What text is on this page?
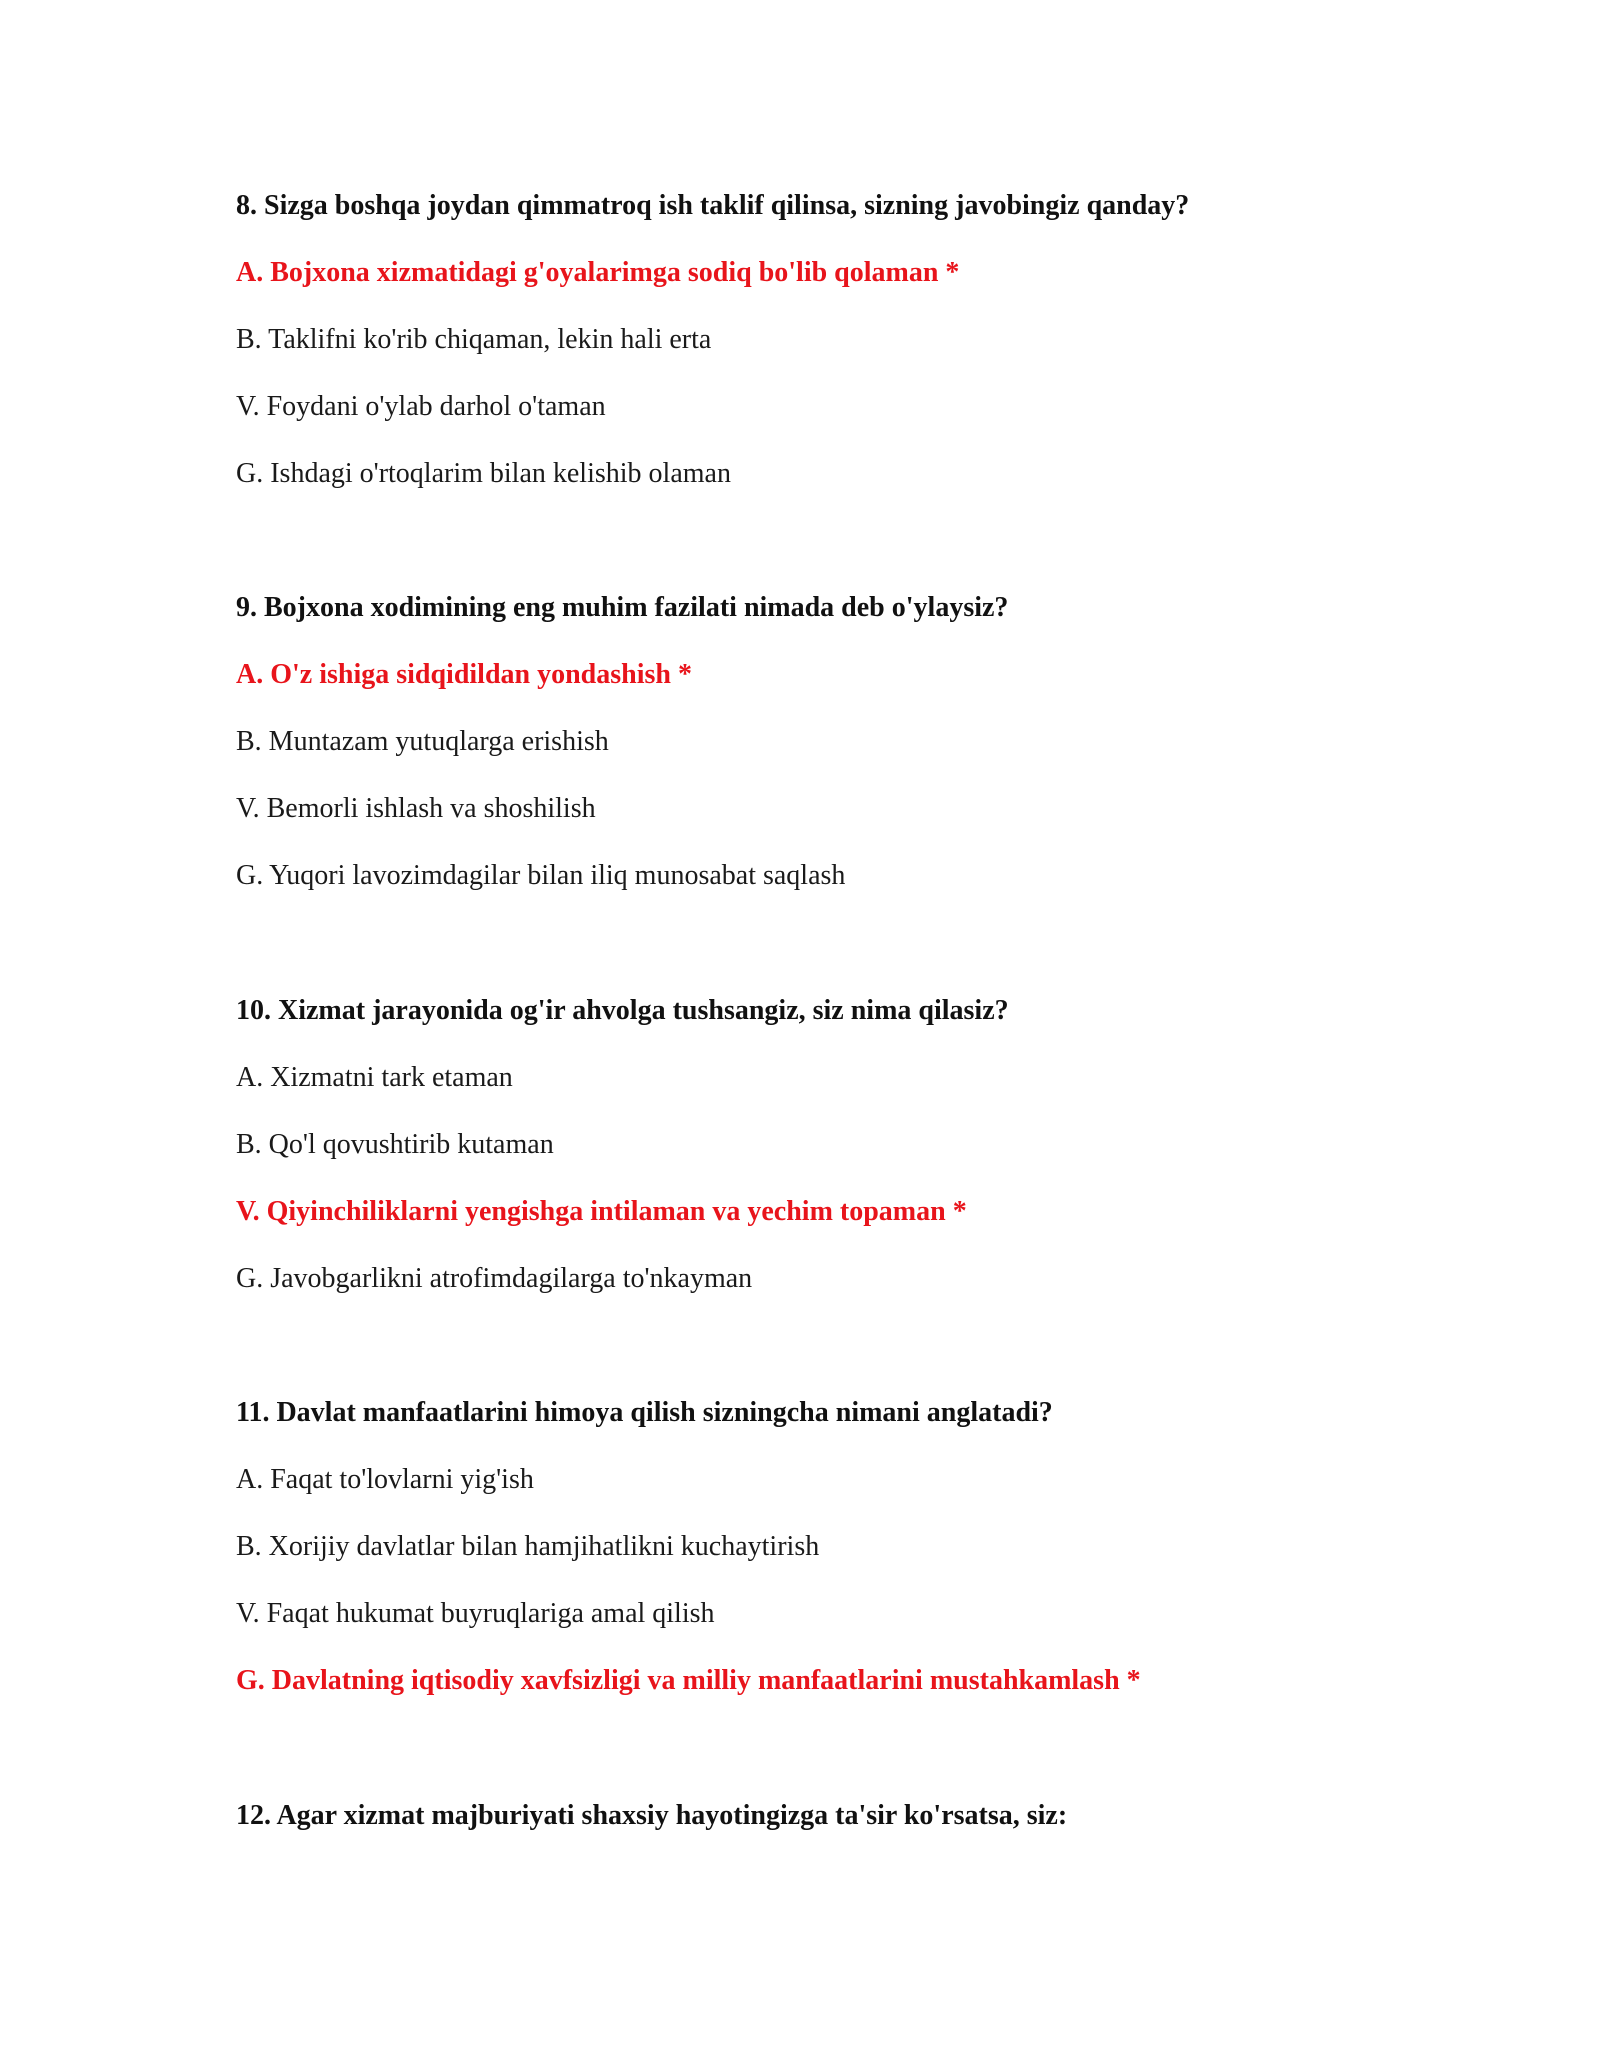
8. Sizga boshqa joydan qimmatroq ish taklif qilinsa, sizning javobingiz qanday?
A. Bojxona xizmatidagi g'oyalarimga sodiq bo'lib qolaman *
B. Taklifni ko'rib chiqaman, lekin hali erta
V. Foydani o'ylab darhol o'taman
G. Ishdagi o'rtoqlarim bilan kelishib olaman
9. Bojxona xodimining eng muhim fazilati nimada deb o'ylaysiz?
A. O'z ishiga sidqidildan yondashish *
B. Muntazam yutuqlarga erishish
V. Bemorli ishlash va shoshilish
G. Yuqori lavozimdagilar bilan iliq munosabat saqlash
10. Xizmat jarayonida og'ir ahvolga tushsangiz, siz nima qilasiz?
A. Xizmatni tark etaman
B. Qo'l qovushtirib kutaman
V. Qiyinchiliklarni yengishga intilaman va yechim topaman *
G. Javobgarlikni atrofimdagilarga to'nkayman
11. Davlat manfaatlarini himoya qilish sizningcha nimani anglatadi?
A. Faqat to'lovlarni yig'ish
B. Xorijiy davlatlar bilan hamjihatlikni kuchaytirish
V. Faqat hukumat buyruqlariga amal qilish
G. Davlatning iqtisodiy xavfsizligi va milliy manfaatlarini mustahkamlash *
12. Agar xizmat majburiyati shaxsiy hayotingizga ta'sir ko'rsatsa, siz:
